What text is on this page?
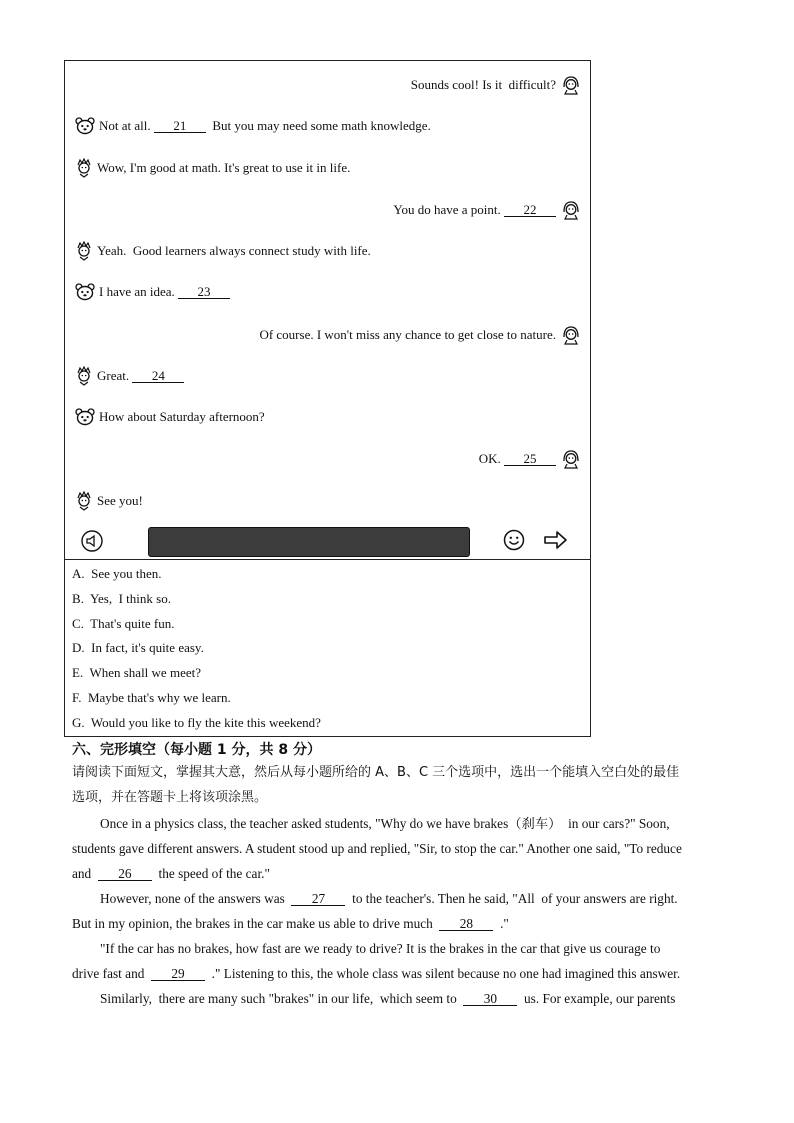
Sounds cool! Is it  difficult?
Not at all.	21	But you may need some math knowledge.
Wow, I'm good at math. It's great to use it in life.
You do have a point.	22
Yeah.  Good learners always connect study with life.
I have an idea.	23
Of course. I won't miss any chance to get close to nature.
Great.	24
How about Saturday afternoon?
OK.	25
See you!
A.  See you then.
B.  Yes,  I think so.
C.  That's quite fun.
D.  In fact, it's quite easy.
E.  When shall we meet?
F.  Maybe that's why we learn.
G.  Would you like to fly the kite this weekend?
六、完形填空（每小题 1 分，共 8 分）
请阅读下面短文，掌握其大意，然后从每小题所给的 A、B、C 三个选项中，选出一个能填入空白处的最佳
选项，并在答题卡上将该项涂黑。
Once in a physics class, the teacher asked students, "Why do we have brakes（刹车）  in our cars?" Soon,
students gave different answers. A student stood up and replied, "Sir, to stop the car." Another one said, "To reduce
and  26  the speed of the car."
However, none of the answers was  27  to the teacher's. Then he said, "All  of your answers are right.
But in my opinion, the brakes in the car make us able to drive much  28  ."
"If the car has no brakes, how fast are we ready to drive? It is the brakes in the car that give us courage to
drive fast and  29  ." Listening to this, the whole class was silent because no one had imagined this answer.
Similarly,  there are many such "brakes" in our life,  which seem to  30  us. For example, our parents
